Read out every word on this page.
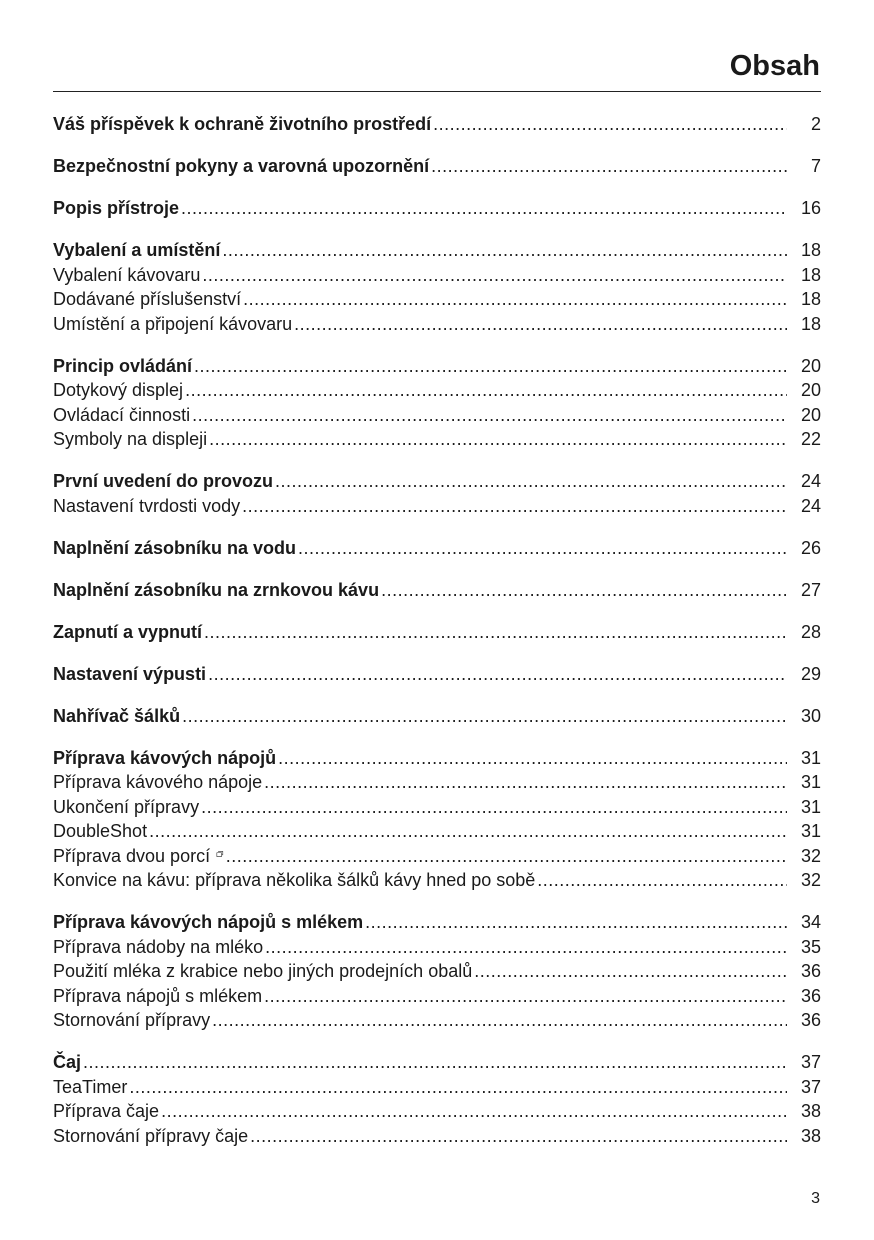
Obsah
Váš příspěvek k ochraně životního prostředí .....	2
Bezpečnostní pokyny a varovná upozornění .....	7
Popis přístroje .....	16
Vybalení a umístění .....	18
Vybalení kávovaru .....	18
Dodávané příslušenství .....	18
Umístění a připojení kávovaru .....	18
Princip ovládání .....	20
Dotykový displej .....	20
Ovládací činnosti .....	20
Symboly na displeji .....	22
První uvedení do provozu .....	24
Nastavení tvrdosti vody .....	24
Naplnění zásobníku na vodu .....	26
Naplnění zásobníku na zrnkovou kávu .....	27
Zapnutí a vypnutí .....	28
Nastavení výpusti .....	29
Nahřívač šálků .....	30
Příprava kávových nápojů .....	31
Příprava kávového nápoje .....	31
Ukončení přípravy .....	31
DoubleShot .....	31
Příprava dvou porcí .....	32
Konvice na kávu: příprava několika šálků kávy hned po sobě .....	32
Příprava kávových nápojů s mlékem .....	34
Příprava nádoby na mléko .....	35
Použití mléka z krabice nebo jiných prodejních obalů .....	36
Příprava nápojů s mlékem .....	36
Stornování přípravy .....	36
Čaj .....	37
TeaTimer .....	37
Příprava čaje .....	38
Stornování přípravy čaje .....	38
3
